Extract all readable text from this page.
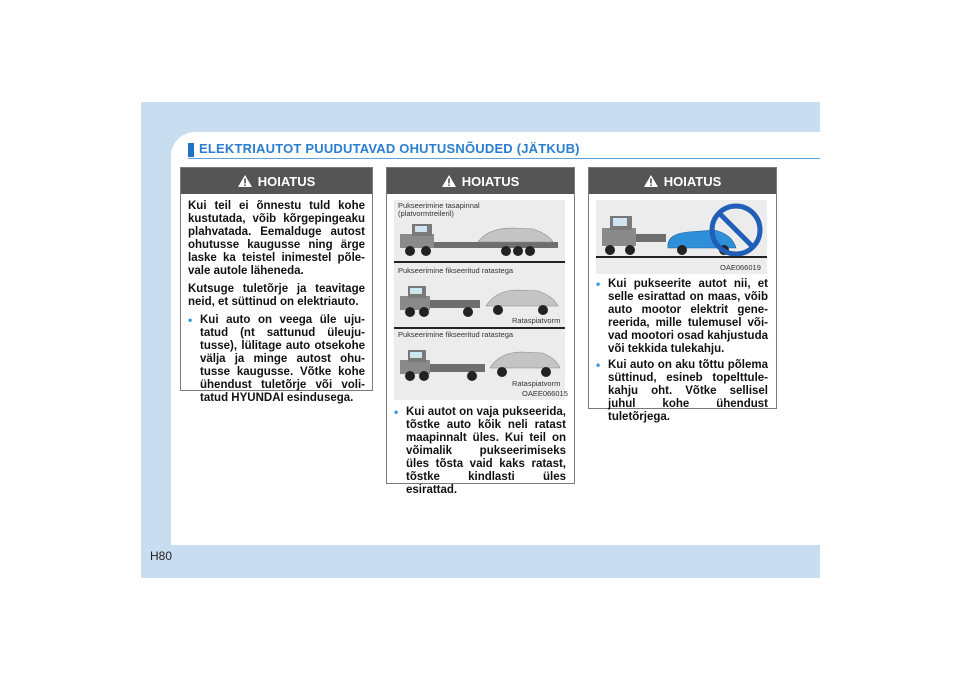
ELEKTRIAUTOT PUUDUTAVAD OHUTUSNÕUDED (JÄTKUB)
HOIATUS

Kui teil ei õnnestu tuld kohe kustutada, võib kõrgepingeaku plahvatada. Eemalduge autost ohutusse kaugusse ning ärge laske ka teistel inimestel põle- vale autole läheneda.

Kutsuge tuletõrje ja teavitage neid, et süttinud on elektriauto.

• Kui auto on veega üle uju- tatud (nt sattunud üleuju- tusse), lülitage auto otsekohe välja ja minge autost ohu- tusse kaugusse. Võtke kohe ühendust tuletõrje või voli- tatud HYUNDAI esindusega.
HOIATUS
Pukseerimine tasapinnal (platvormtreileril)
Pukseerimine fikseeritud ratastega
Rataspiatvorm
Pukseerimine fikseeritud ratastega
Rataspiatvorm
OAEE066015
• Kui autot on vaja pukseerida, tõstke auto kõik neli ratast maapinnalt üles. Kui teil on võimalik pukseerimiseks üles tõsta vaid kaks ratast, tõstke kindlasti üles esirattad.
HOIATUS
OAE066019
• Kui pukseerite autot nii, et selle esirattad on maas, võib auto mootor elektrit gene- reerida, mille tulemusel või- vad mootori osad kahjustuda või tekkida tulekahju.
• Kui auto on aku tõttu põlema süttinud, esineb topelttule- kahju oht. Võtke sellisel juhul kohe ühendust tuletõrjega.
H80
